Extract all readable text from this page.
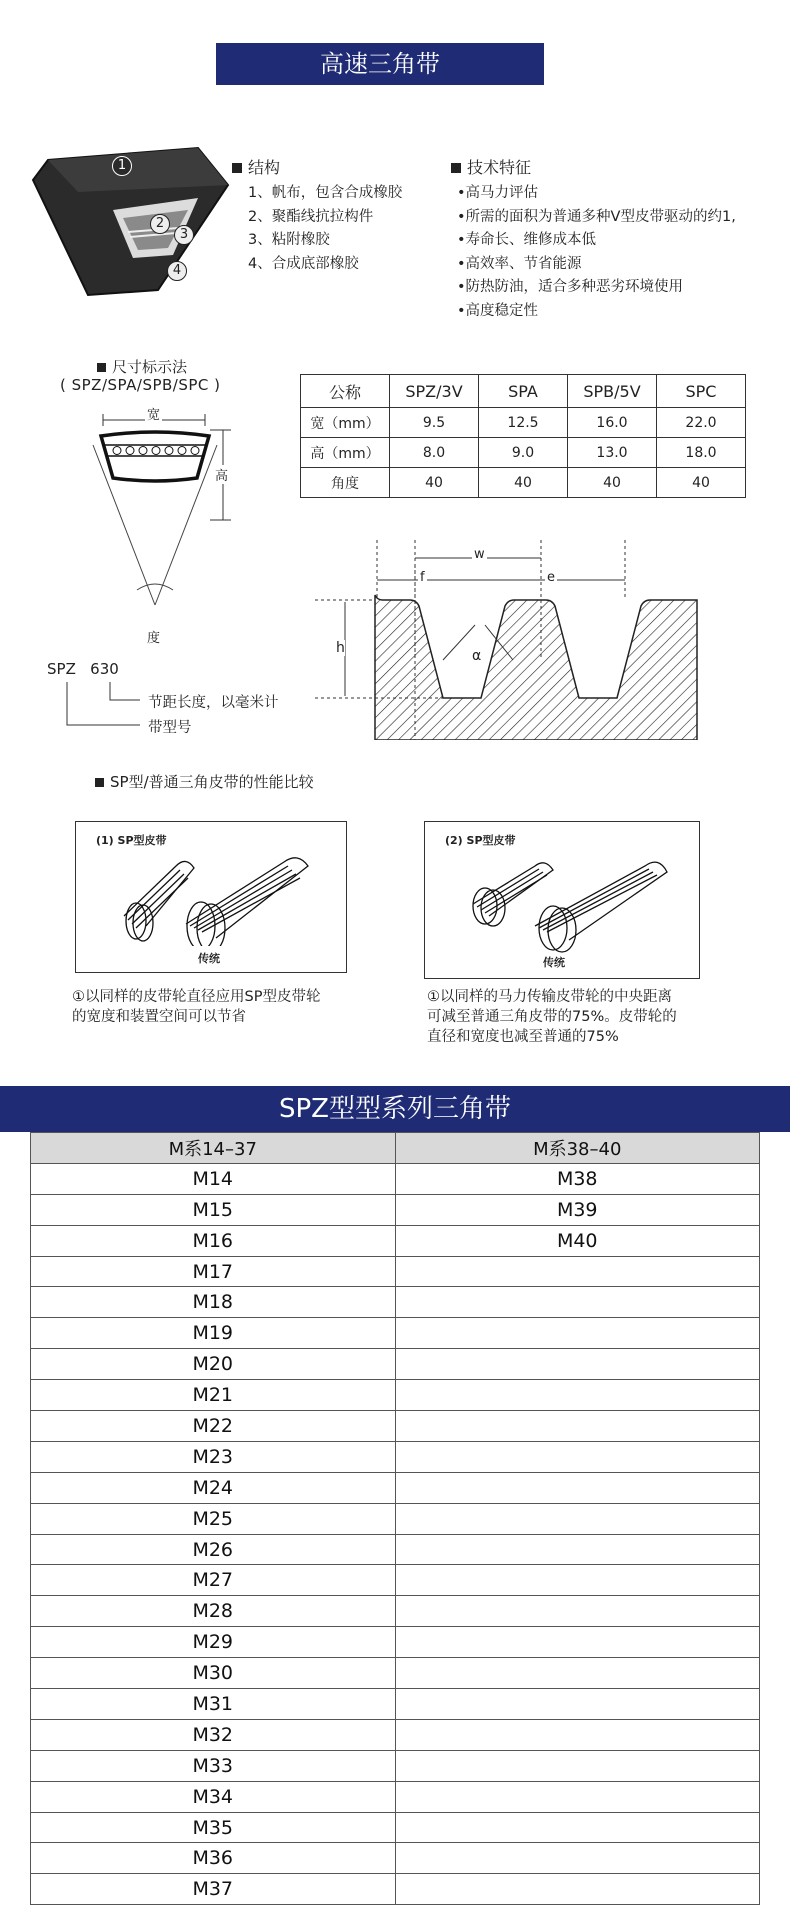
高速三角带
1
2
3
4
结构
1、帆布，包含合成橡胶
2、聚酯线抗拉构件
3、粘附橡胶
4、合成底部橡胶
技术特征
•高马力评估
•所需的面积为普通多种V型皮带驱动的约1,
•寿命长、维修成本低
•高效率、节省能源
•防热防油，适合多种恶劣环境使用
•高度稳定性
尺寸标示法
( SPZ/SPA/SPB/SPC )
宽
高
度
SPZ   630
节距长度，以毫米计
带型号
公称	SPZ/3V	SPA	SPB/5V	SPC
宽（mm）	9.5	12.5	16.0	22.0
高（mm）	8.0	9.0	13.0	18.0
角度	40	40	40	40
w
f	e
h	α
SP型/普通三角皮带的性能比较
(1) SP型皮带
传统
①以同样的皮带轮直径应用SP型皮带轮
的宽度和装置空间可以节省
(2) SP型皮带
传统
①以同样的马力传输皮带轮的中央距离
可减至普通三角皮带的75%。皮带轮的
直径和宽度也减至普通的75%
SPZ型型系列三角带
M系14–37	M系38–40
M14	M38
M15	M39
M16	M40
M17	
M18	
M19	
M20	
M21	
M22	
M23	
M24	
M25	
M26	
M27	
M28	
M29	
M30	
M31	
M32	
M33	
M34	
M35	
M36	
M37	
